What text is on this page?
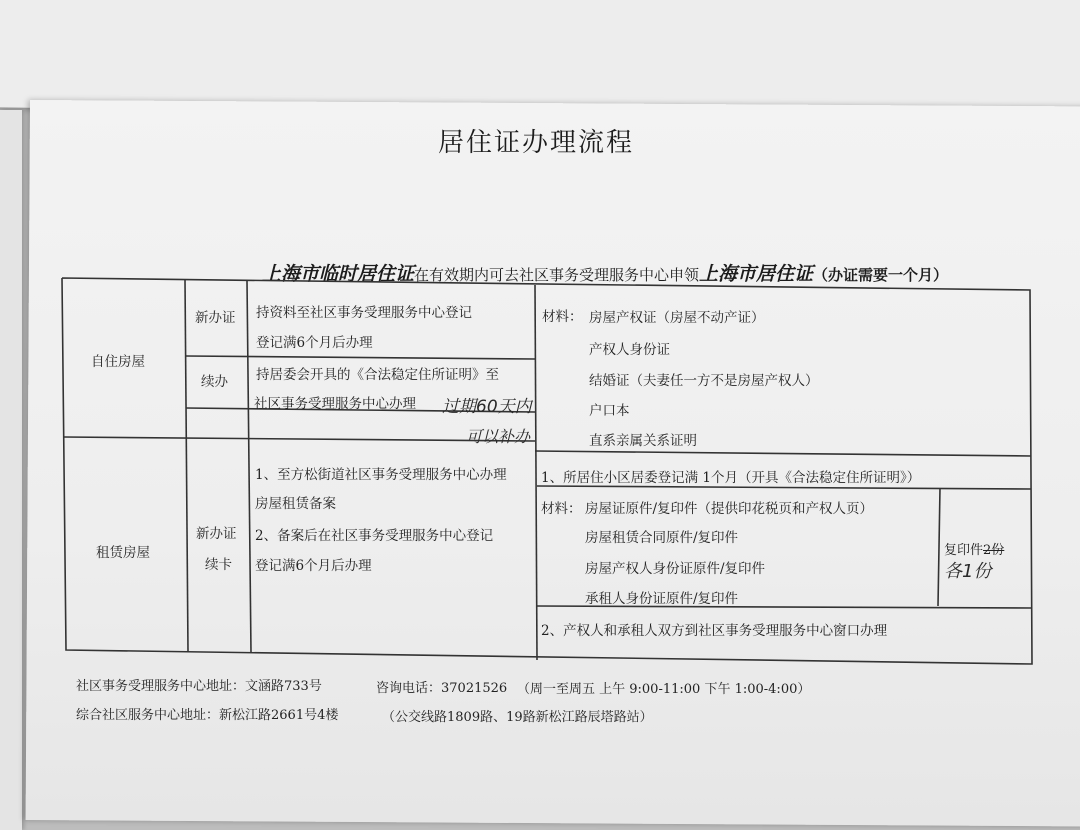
居住证办理流程
上海市临时居住证在有效期内可去社区事务受理服务中心申领上海市居住证（办证需要一个月）
自住房屋
新办证 持资料至社区事务受理服务中心登记
登记满6个月后办理
续办 持居委会开具的《合法稳定住所证明》至
社区事务受理服务中心办理 过期60天内
可以补办
材料： 房屋产权证（房屋不动产证）
产权人身份证
结婚证（夫妻任一方不是房屋产权人）
户口本
直系亲属关系证明
租赁房屋
新办证
续卡
1、至方松街道社区事务受理服务中心办理
房屋租赁备案
2、备案后在社区事务受理服务中心登记
登记满6个月后办理
1、所居住小区居委登记满 1个月（开具《合法稳定住所证明》）
材料： 房屋证原件/复印件（提供印花税页和产权人页）
房屋租赁合同原件/复印件
房屋产权人身份证原件/复印件
承租人身份证原件/复印件
复印件2份
各1份
2、产权人和承租人双方到社区事务受理服务中心窗口办理
社区事务受理服务中心地址：文涵路733号	咨询电话：37021526 （周一至周五 上午 9:00-11:00 下午 1:00-4:00）
综合社区服务中心地址：新松江路2661号4楼	（公交线路1809路、19路新松江路辰塔路站）
